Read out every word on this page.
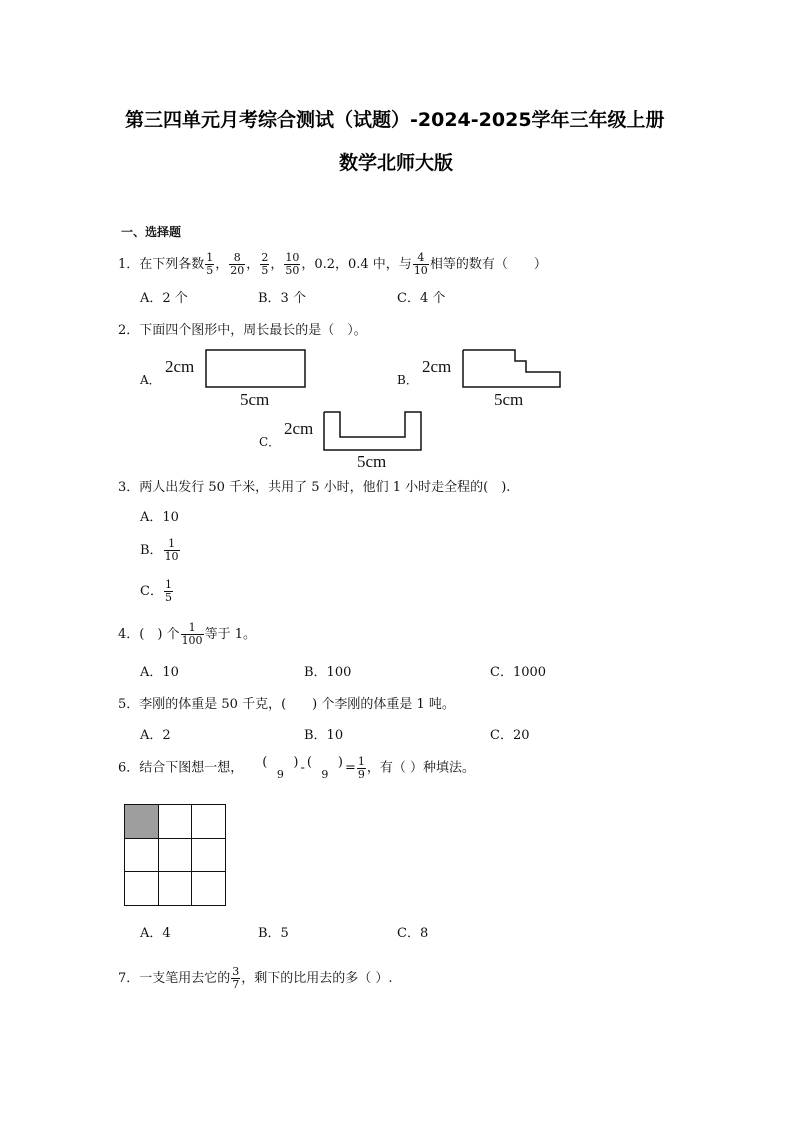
第三四单元月考综合测试（试题）-2024-2025学年三年级上册
数学北师大版
一、选择题
1．在下列各数 $\frac{1}{5}$ ， $\frac{8}{20}$ ， $\frac{2}{5}$ ， $\frac{10}{50}$ ，0.2，0.4 中，与 $\frac{4}{10}$ 相等的数有（　　）
A．2 个	B．3 个	C．4 个
2．下面四个图形中，周长最长的是（　）。
A．
2cm
5cm
B．
2cm
5cm
C．
2cm
5cm
3．两人出发行 50 千米，共用了 5 小时，他们 1 小时走全程的(　).
A．10
B． $\frac{1}{10}$
C． $\frac{1}{5}$
4．(　) 个 $\frac{1}{100}$ 等于 1。
A．10	B．100	C．1000
5．李刚的体重是 50 千克，(　　) 个李刚的体重是 1 吨。
A．2	B．10	C．20
6．结合下图想一想， (　　)
9	- (　　)
9	= $\frac{1}{9}$ ，有（ ）种填法。
A．4	B．5	C．8
7．一支笔用去它的 $\frac{3}{7}$ ，剩下的比用去的多（ ）.
